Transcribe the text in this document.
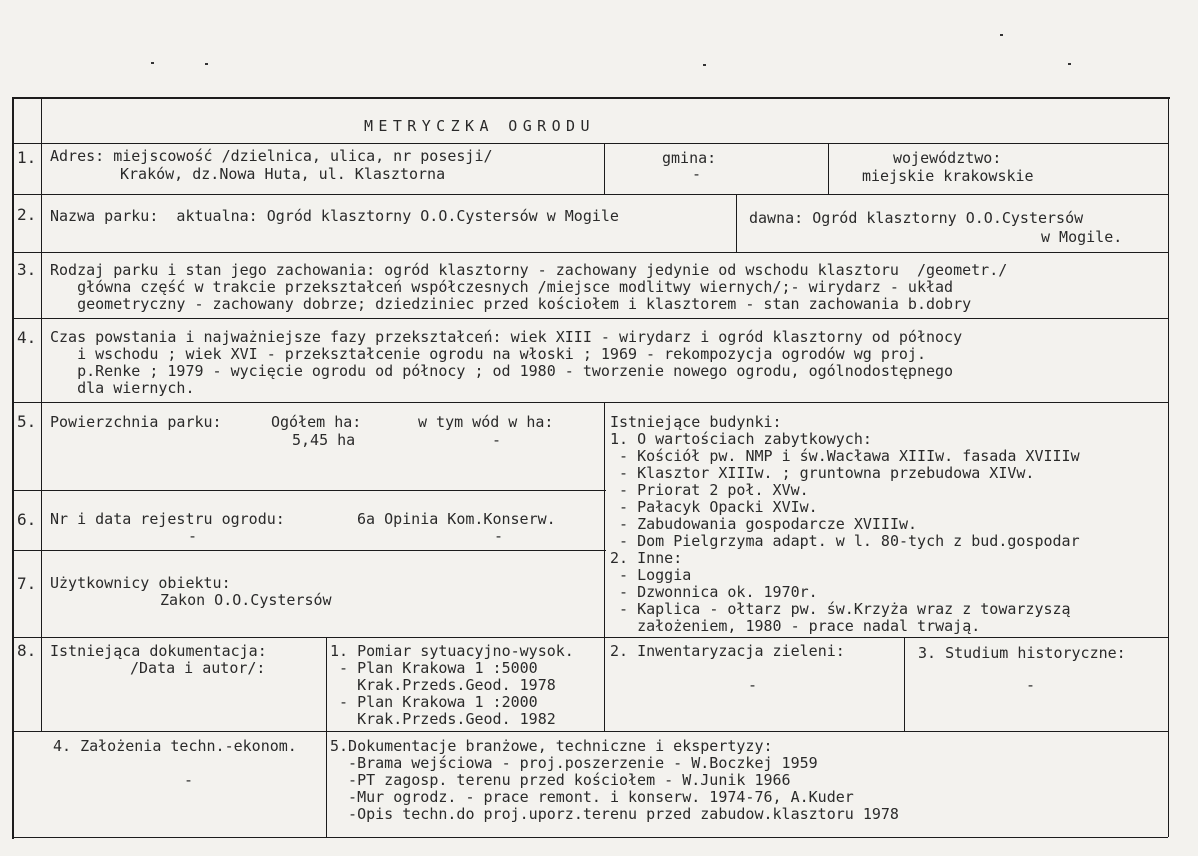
METRYCZKA OGRODU
1. Adres: miejscowość /dzielnica, ulica, nr posesji/
Kraków, dz.Nowa Huta, ul. Klasztorna
gmina:
-
województwo:
miejskie krakowskie
2. Nazwa parku:  aktualna: Ogród klasztorny O.O.Cystersów w Mogile	dawna: Ogród klasztorny O.O.Cystersów
w Mogile.
3. Rodzaj parku i stan jego zachowania: ogród klasztorny - zachowany jedynie od wschodu klasztoru  /geometr./
główna część w trakcie przekształceń współczesnych /miejsce modlitwy wiernych/;- wirydarz - układ
geometryczny - zachowany dobrze; dziedziniec przed kościołem i klasztorem - stan zachowania b.dobry
4. Czas powstania i najważniejsze fazy przekształceń: wiek XIII - wirydarz i ogród klasztorny od północy
i wschodu ; wiek XVI - przekształcenie ogrodu na włoski ; 1969 - rekompozycja ogrodów wg proj.
p.Renke ; 1979 - wycięcie ogrodu od północy ; od 1980 - tworzenie nowego ogrodu, ogólnodostępnego
dla wiernych.
5. Powierzchnia parku:	Ogółem ha:
5,45 ha
w tym wód w ha:
-
Istniejące budynki:
1. O wartościach zabytkowych:
- Kościół pw. NMP i św.Wacława XIIIw. fasada XVIIIw
- Klasztor XIIIw. ; gruntowna przebudowa XIVw.
- Priorat 2 poł. XVw.
- Pałacyk Opacki XVIw.
- Zabudowania gospodarcze XVIIIw.
- Dom Pielgrzyma adapt. w l. 80-tych z bud.gospodar
2. Inne:
- Loggia
- Dzwonnica ok. 1970r.
- Kaplica - ołtarz pw. św.Krzyża wraz z towarzyszą
założeniem, 1980 - prace nadal trwają.
6. Nr i data rejestru ogrodu:
-
6a Opinia Kom.Konserw.
-
7. Użytkownicy obiektu:
Zakon O.O.Cystersów
8. Istniejąca dokumentacja:
/Data i autor/:
1. Pomiar sytuacyjno-wysok.
- Plan Krakowa 1 :5000
Krak.Przeds.Geod. 1978
- Plan Krakowa 1 :2000
Krak.Przeds.Geod. 1982
2. Inwentaryzacja zieleni:
-
3. Studium historyczne:
-
4. Założenia techn.-ekonom.
-
5.Dokumentacje branżowe, techniczne i ekspertyzy:
-Brama wejściowa - proj.poszerzenie - W.Boczkej 1959
-PT zagosp. terenu przed kościołem - W.Junik 1966
-Mur ogrodz. - prace remont. i konserw. 1974-76, A.Kuder
-Opis techn.do proj.uporz.terenu przed zabudow.klasztoru 1978
